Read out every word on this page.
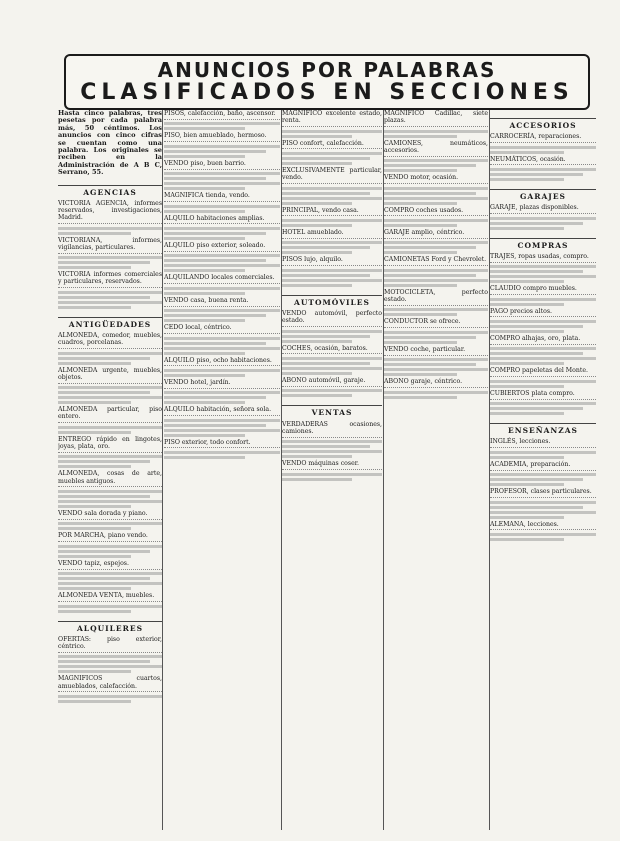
ANUNCIOS POR PALABRAS
CLASIFICADOS EN SECCIONES
Hasta cinco palabras, tres pesetas por cada palabra más, 50 céntimos. Los anuncios con cinco cifras se cuentan como una palabra. Los originales se reciben en la Administración de A B C, Serrano, 55.
AGENCIAS
VICTORIA AGENCIA, informes reservados, investigaciones, Madrid.
VICTORIANA, informes, vigilancias, particulares.
VICTORIA informes comerciales y particulares, reservados.
ANTIGÜEDADES
ALMONEDA, comedor, muebles, cuadros, porcelanas.
ALMONEDA urgente, muebles, objetos.
ALMONEDA particular, piso entero.
ENTREGO rápido en lingotes, joyas, plata, oro.
ALMONEDA, cosas de arte, muebles antiguos.
VENDO sala dorada y piano.
POR MARCHA, piano vendo.
VENDO tapiz, espejos.
ALMONEDA VENTA, muebles.
ALQUILERES
OFERTAS: piso exterior, céntrico.
MAGNIFICOS cuartos, amueblados, calefacción.
PISOS, calefacción, baño, ascensor.
PISO, bien amueblado, hermoso.
VENDO piso, buen barrio.
MAGNIFICA tienda, vendo.
ALQUILO habitaciones amplias.
ALQUILO piso exterior, soleado.
ALQUILANDO locales comerciales.
VENDO casa, buena renta.
CEDO local, céntrico.
ALQUILO piso, ocho habitaciones.
VENDO hotel, jardín.
ALQUILO habitación, señora sola.
PISO exterior, todo confort.
MAGNIFICO excelente estado, renta.
PISO confort, calefacción.
EXCLUSIVAMENTE particular, vendo.
PRINCIPAL, vendo casa.
HOTEL amueblado.
PISOS lujo, alquilo.
AUTOMÓVILES
VENDO automóvil, perfecto estado.
COCHES, ocasión, baratos.
ABONO automóvil, garaje.
VENTAS
VERDADERAS ocasiones, camiones.
VENDO máquinas coser.
MAGNIFICO Cadillac, siete plazas.
CAMIONES, neumáticos, accesorios.
VENDO motor, ocasión.
COMPRO coches usados.
GARAJE amplio, céntrico.
CAMIONETAS Ford y Chevrolet.
MOTOCICLETA, perfecto estado.
CONDUCTOR se ofrece.
VENDO coche, particular.
ABONO garaje, céntrico.
ACCESORIOS
CARROCERÍA, reparaciones.
NEUMÁTICOS, ocasión.
GARAJES
GARAJE, plazas disponibles.
COMPRAS
TRAJES, ropas usadas, compro.
CLAUDIO compro muebles.
PAGO precios altos.
COMPRO alhajas, oro, plata.
COMPRO papeletas del Monte.
CUBIERTOS plata compro.
ENSEÑANZAS
INGLÉS, lecciones.
ACADEMIA, preparación.
PROFESOR, clases particulares.
ALEMANA, lecciones.
